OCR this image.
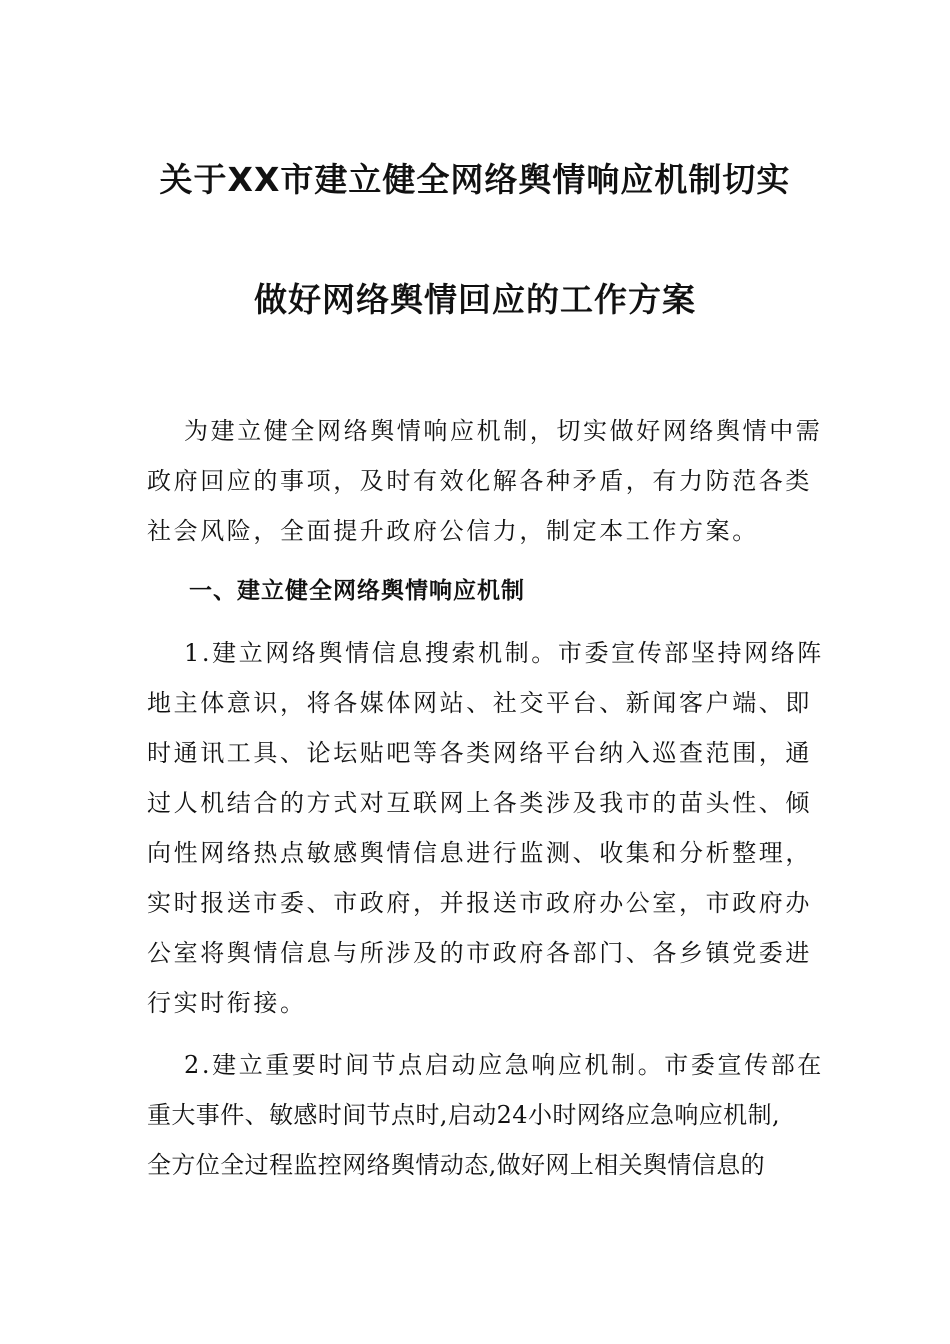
关于XX市建立健全网络舆情响应机制切实
做好网络舆情回应的工作方案

为建立健全网络舆情响应机制，切实做好网络舆情中需

政府回应的事项，及时有效化解各种矛盾，有力防范各类

社会风险，全面提升政府公信力，制定本工作方案。

一、建立健全网络舆情响应机制

1.建立网络舆情信息搜索机制。市委宣传部坚持网络阵

地主体意识，将各媒体网站、社交平台、新闻客户端、即

时通讯工具、论坛贴吧等各类网络平台纳入巡查范围，通

过人机结合的方式对互联网上各类涉及我市的苗头性、倾

向性网络热点敏感舆情信息进行监测、收集和分析整理，

实时报送市委、市政府，并报送市政府办公室，市政府办

公室将舆情信息与所涉及的市政府各部门、各乡镇党委进

行实时衔接。

2.建立重要时间节点启动应急响应机制。市委宣传部在

重大事件、敏感时间节点时,启动24小时网络应急响应机制,

全方位全过程监控网络舆情动态,做好网上相关舆情信息的
